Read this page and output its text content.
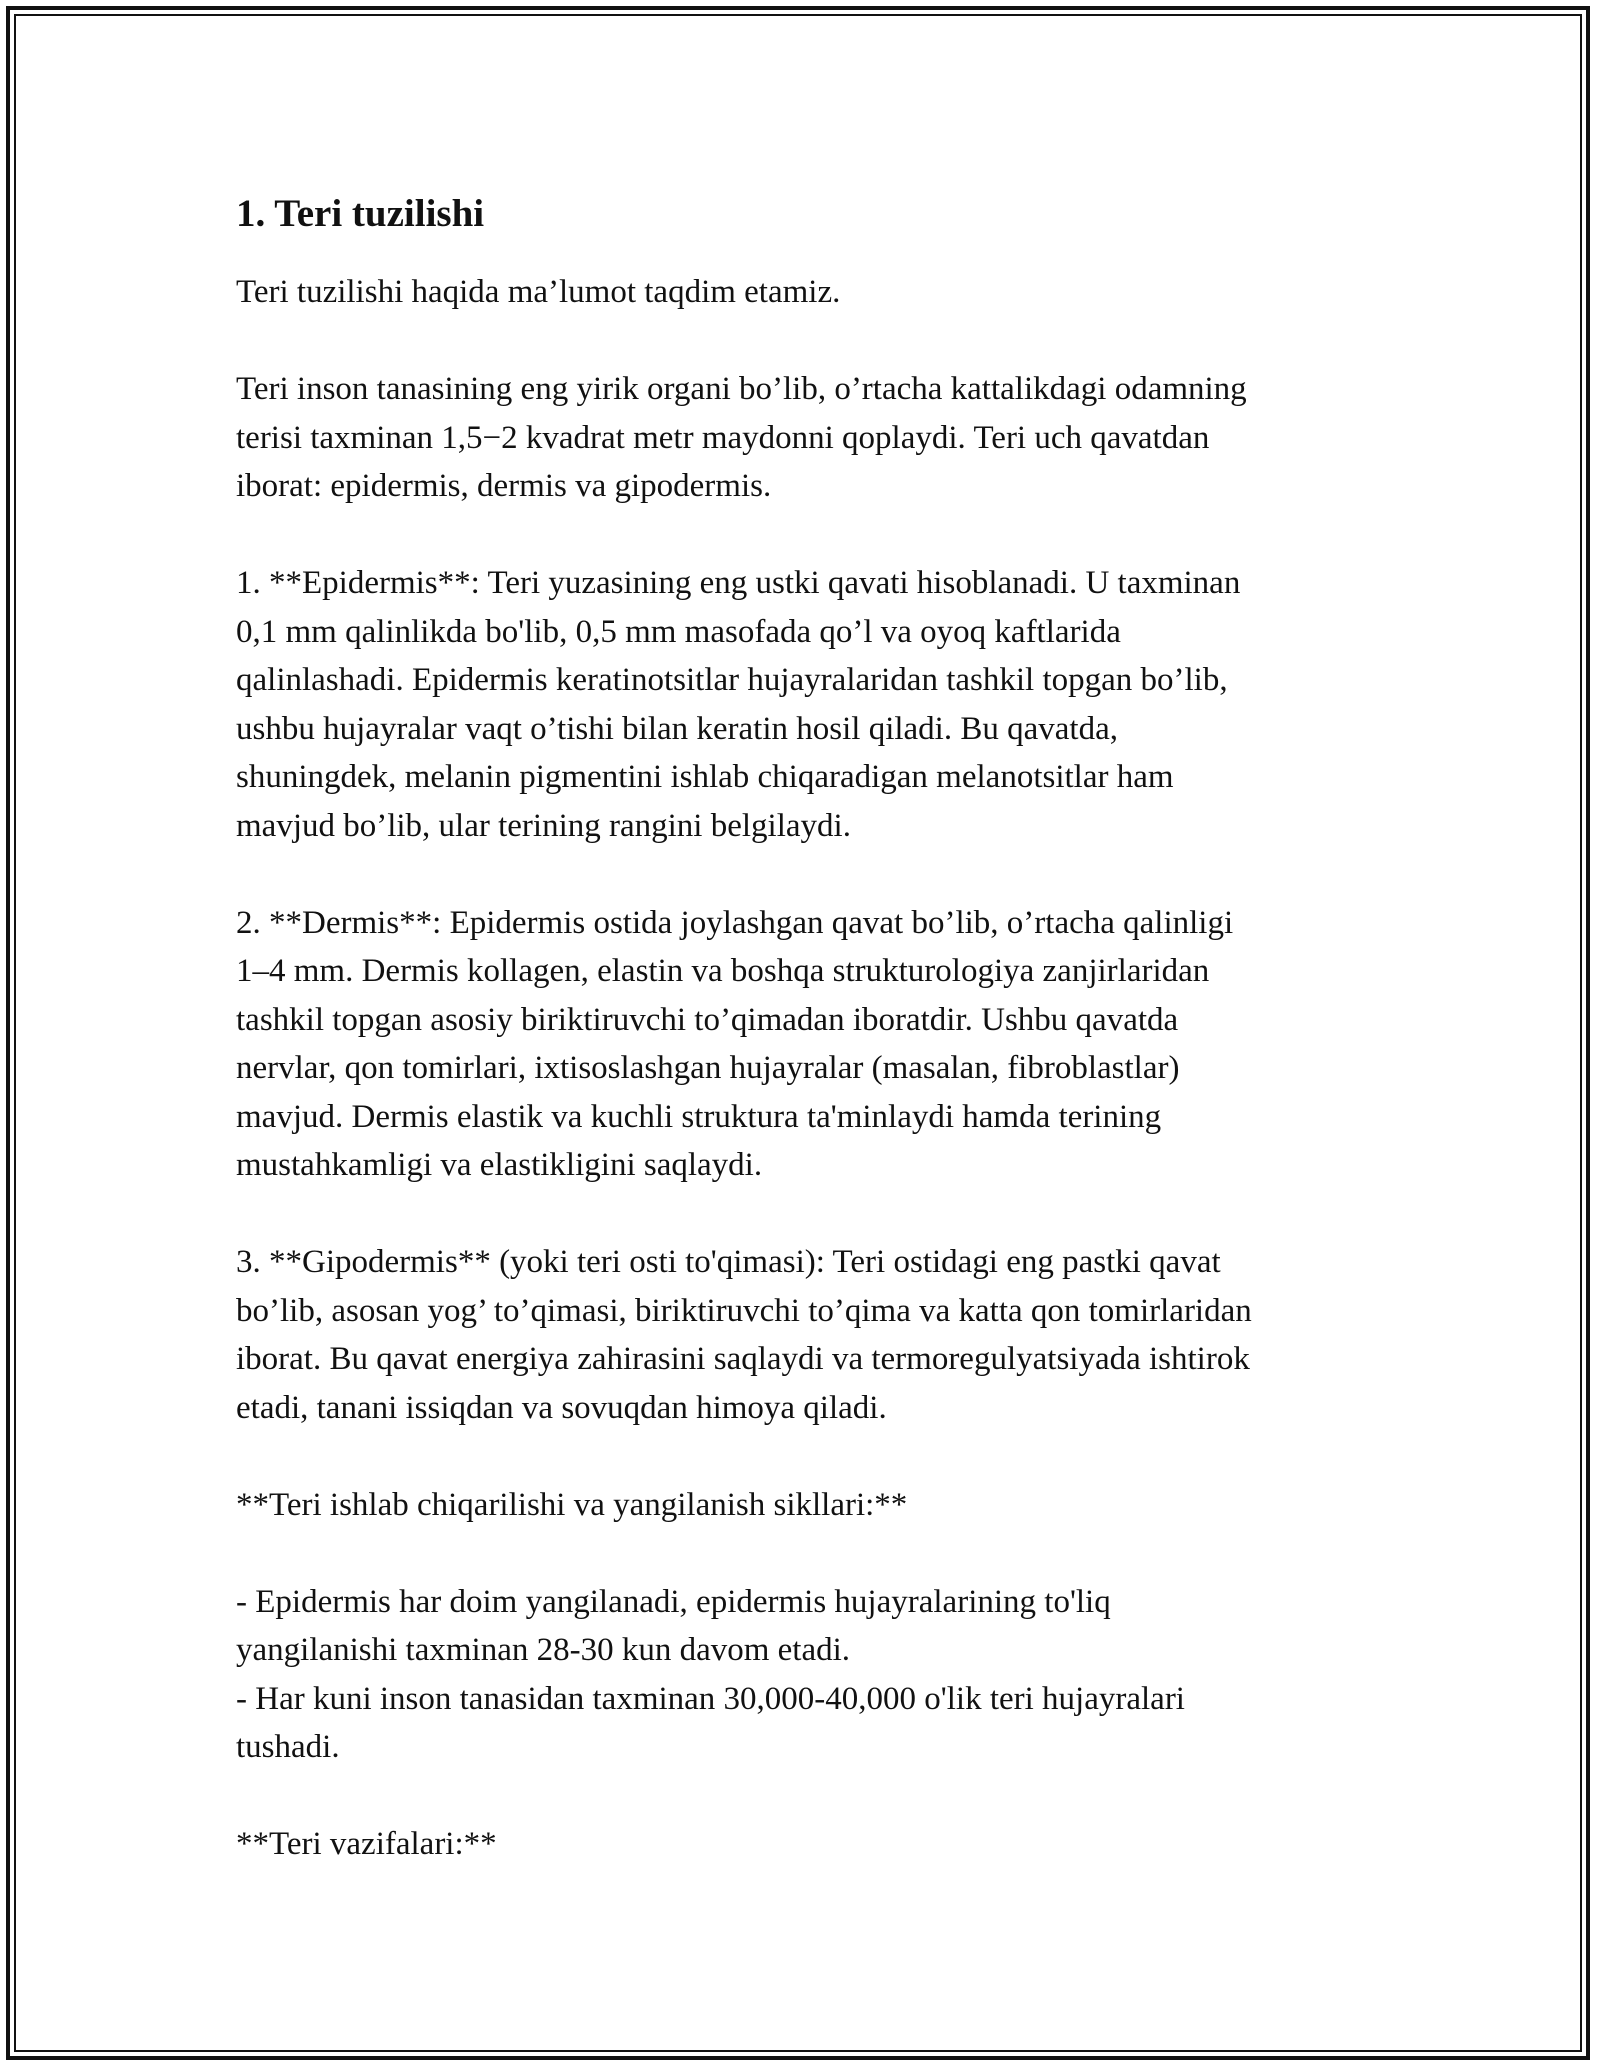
1. Teri tuzilishi
Teri tuzilishi haqida ma’lumot taqdim etamiz.
Teri inson tanasining eng yirik organi bo’lib, o’rtacha kattalikdagi odamning
terisi taxminan 1,5−2 kvadrat metr maydonni qoplaydi. Teri uch qavatdan
iborat: epidermis, dermis va gipodermis.
1. **Epidermis**: Teri yuzasining eng ustki qavati hisoblanadi. U taxminan
0,1 mm qalinlikda bo'lib, 0,5 mm masofada qo’l va oyoq kaftlarida
qalinlashadi. Epidermis keratinotsitlar hujayralaridan tashkil topgan bo’lib,
ushbu hujayralar vaqt o’tishi bilan keratin hosil qiladi. Bu qavatda,
shuningdek, melanin pigmentini ishlab chiqaradigan melanotsitlar ham
mavjud bo’lib, ular terining rangini belgilaydi.
2. **Dermis**: Epidermis ostida joylashgan qavat bo’lib, o’rtacha qalinligi
1–4 mm. Dermis kollagen, elastin va boshqa strukturologiya zanjirlaridan
tashkil topgan asosiy biriktiruvchi to’qimadan iboratdir. Ushbu qavatda
nervlar, qon tomirlari, ixtisoslashgan hujayralar (masalan, fibroblastlar)
mavjud. Dermis elastik va kuchli struktura ta'minlaydi hamda terining
mustahkamligi va elastikligini saqlaydi.
3. **Gipodermis** (yoki teri osti to'qimasi): Teri ostidagi eng pastki qavat
bo’lib, asosan yog’ to’qimasi, biriktiruvchi to’qima va katta qon tomirlaridan
iborat. Bu qavat energiya zahirasini saqlaydi va termoregulyatsiyada ishtirok
etadi, tanani issiqdan va sovuqdan himoya qiladi.
**Teri ishlab chiqarilishi va yangilanish sikllari:**
- Epidermis har doim yangilanadi, epidermis hujayralarining to'liq
yangilanishi taxminan 28-30 kun davom etadi.
- Har kuni inson tanasidan taxminan 30,000-40,000 o'lik teri hujayralari
tushadi.
**Teri vazifalari:**
